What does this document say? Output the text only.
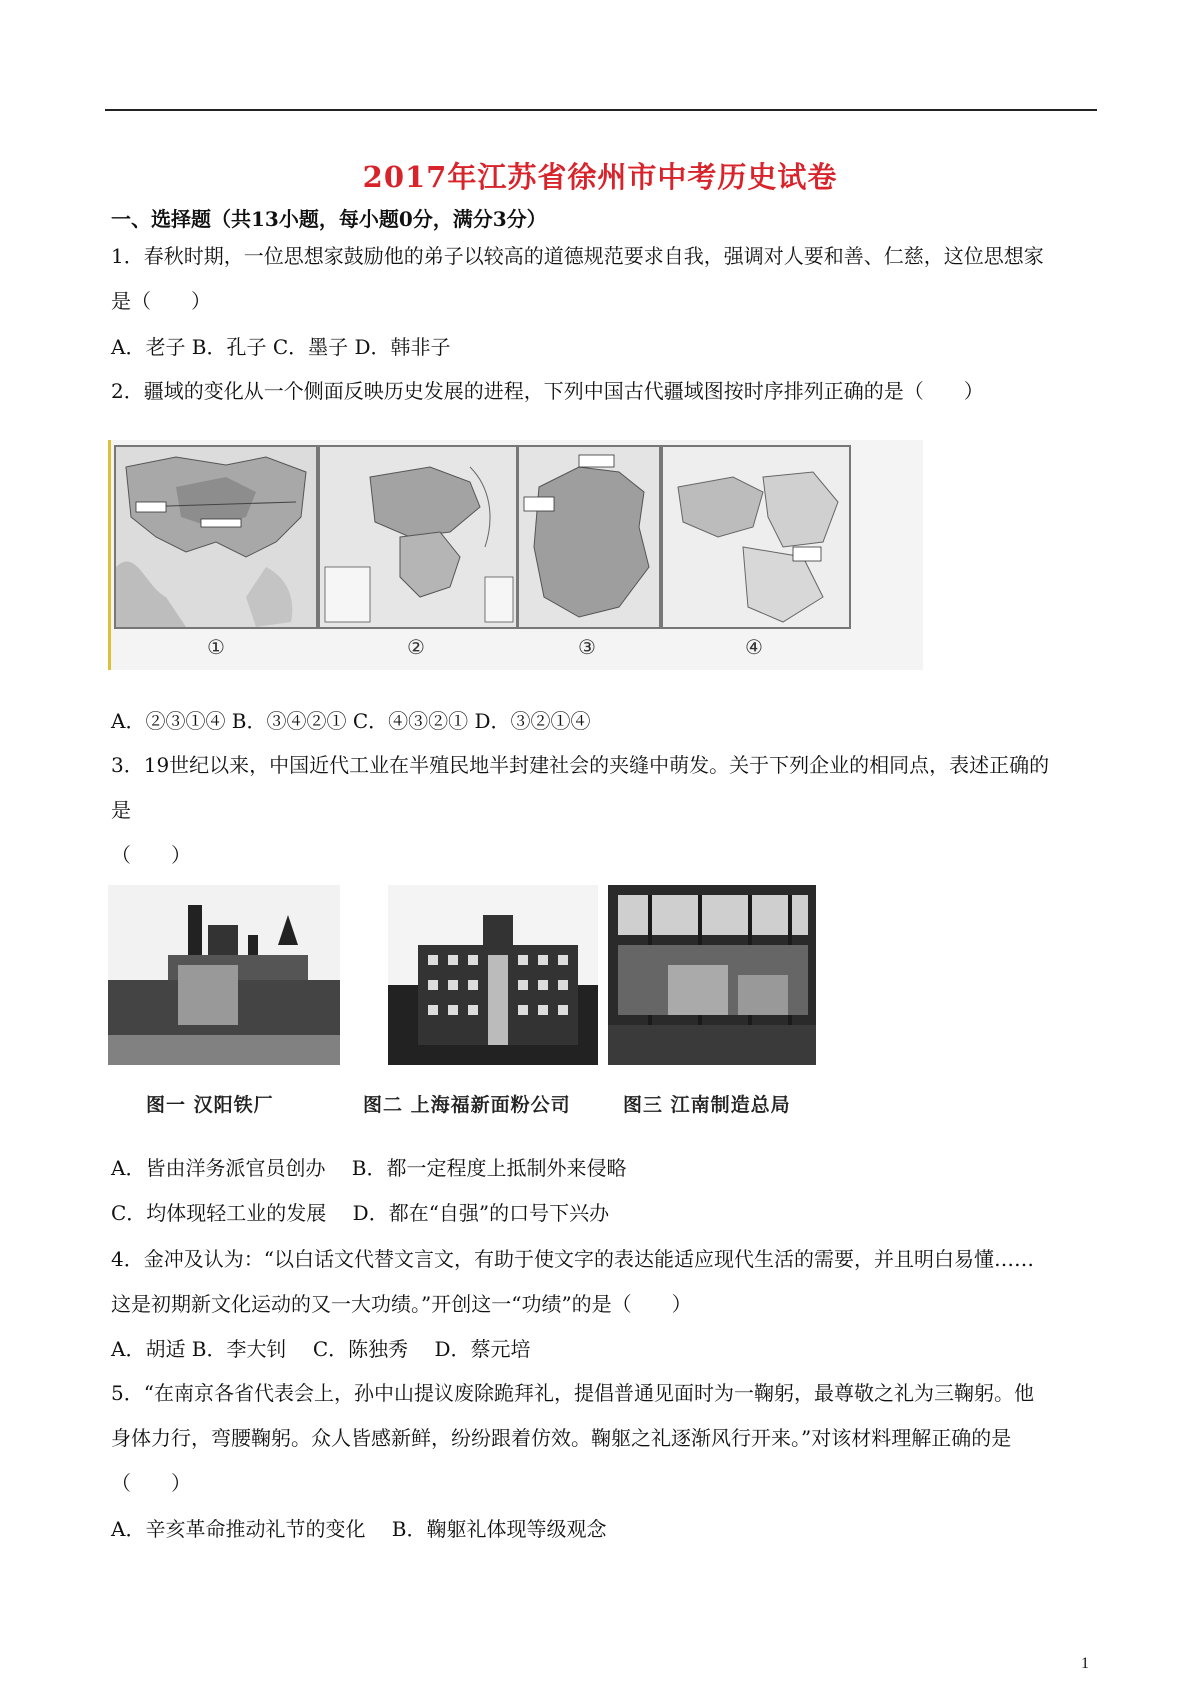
2017年江苏省徐州市中考历史试卷
一、选择题（共13小题，每小题0分，满分3分）
1．春秋时期，一位思想家鼓励他的弟子以较高的道德规范要求自我，强调对人要和善、仁慈，这位思想家
是（　　）
A．老子 B．孔子 C．墨子 D．韩非子
2．疆域的变化从一个侧面反映历史发展的进程，下列中国古代疆域图按时序排列正确的是（　　）
①	②	③	④
A．②③①④ B．③④②① C．④③②① D．③②①④
3．19世纪以来，中国近代工业在半殖民地半封建社会的夹缝中萌发。关于下列企业的相同点，表述正确的
是
（　　）
图一 汉阳铁厂	图二 上海福新面粉公司	图三 江南制造总局
A．皆由洋务派官员创办　 B．都一定程度上抵制外来侵略
C．均体现轻工业的发展　 D．都在“自强”的口号下兴办
4．金冲及认为：“以白话文代替文言文，有助于使文字的表达能适应现代生活的需要，并且明白易懂……
这是初期新文化运动的又一大功绩。”开创这一“功绩”的是（　　）
A．胡适 B．李大钊　 C．陈独秀　 D．蔡元培
5．“在南京各省代表会上，孙中山提议废除跪拜礼，提倡普通见面时为一鞠躬，最尊敬之礼为三鞠躬。他
身体力行，弯腰鞠躬。众人皆感新鲜，纷纷跟着仿效。鞠躯之礼逐渐风行开来。”对该材料理解正确的是
（　　）
A．辛亥革命推动礼节的变化　 B．鞠躯礼体现等级观念
1
